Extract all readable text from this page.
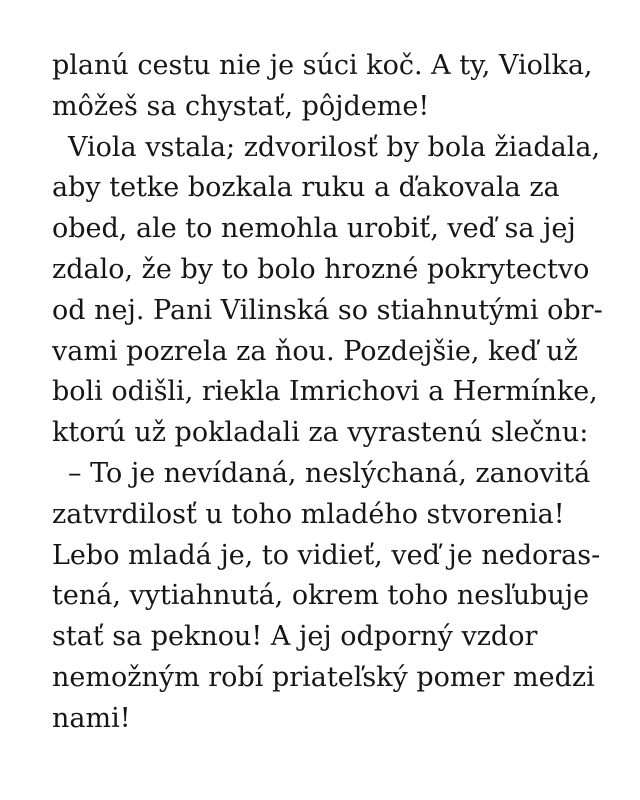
planú cestu nie je súci koč. A ty, Violka,
môžeš sa chystať, pôjdeme!
Viola vstala; zdvorilosť by bola žiadala,
aby tetke bozkala ruku a ďakovala za
obed, ale to nemohla urobiť, veď sa jej
zdalo, že by to bolo hrozné pokrytectvo
od nej. Pani Vilinská so stiahnutými obr-
vami pozrela za ňou. Pozdejšie, keď už
boli odišli, riekla Imrichovi a Hermínke,
ktorú už pokladali za vyrastenú slečnu:
– To je nevídaná, neslýchaná, zanovitá
zatvrdilosť u toho mladého stvorenia!
Lebo mladá je, to vidieť, veď je nedoras-
tená, vytiahnutá, okrem toho nesľubuje
stať sa peknou! A jej odporný vzdor
nemožným robí priateľský pomer medzi
nami!
